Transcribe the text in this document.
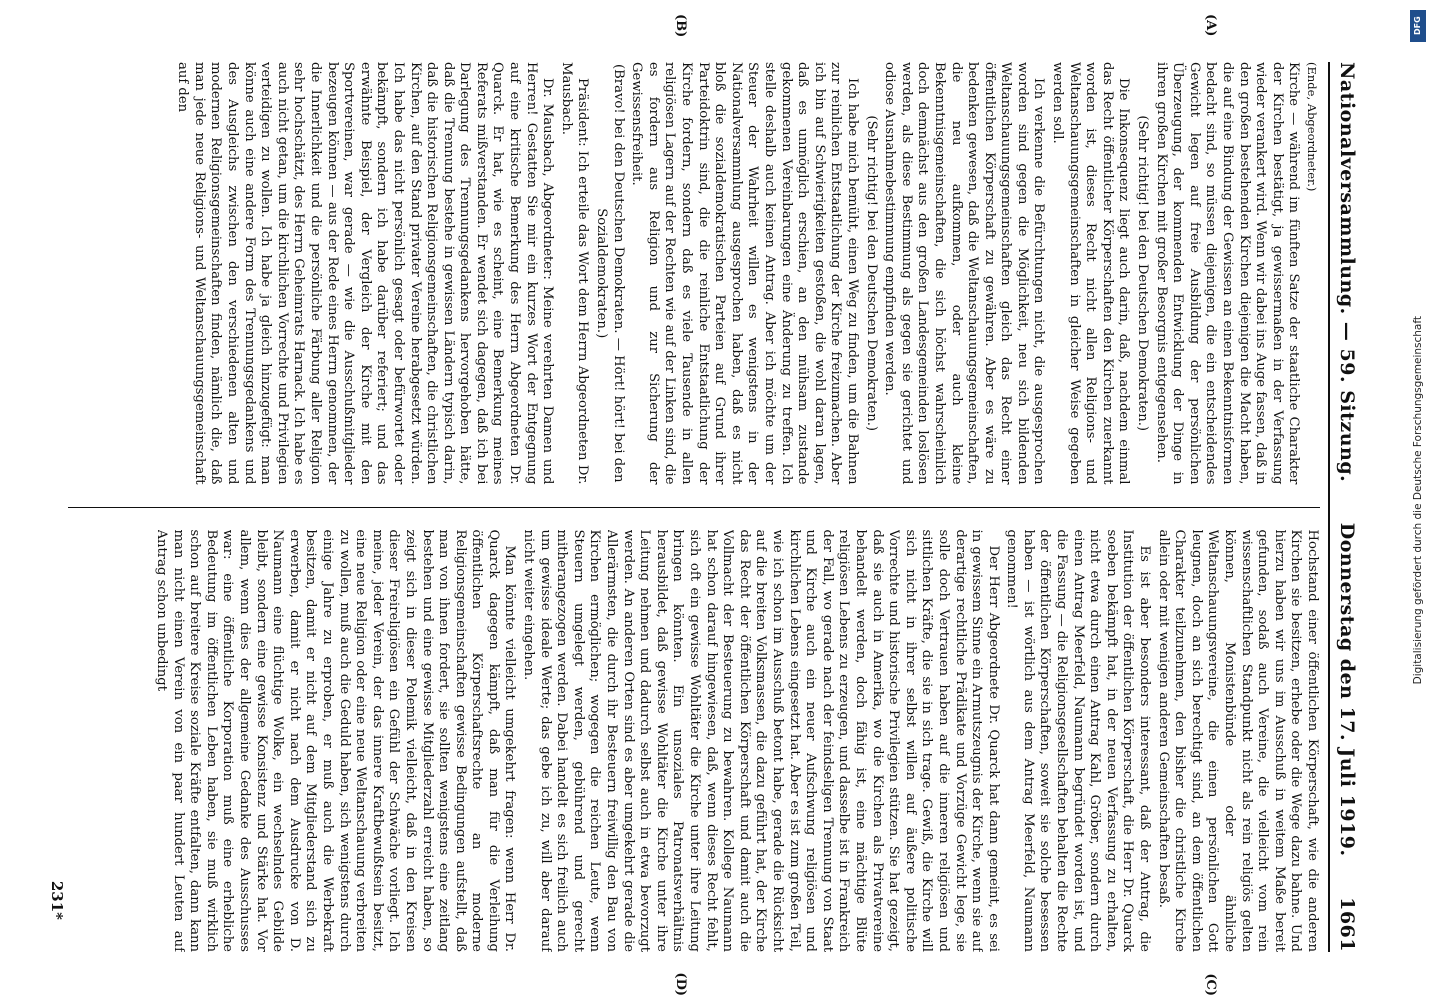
Nationalversammlung. — 59. Sitzung.
Donnerstag den 17. Juli 1919.
1661
(A)
(B)
(C)
(D)

(Ende, Abgeordneter.)

Kirche — während im fünften Satze der staatliche Charakter der Kirchen bestätigt, ja gewissermaßen in der Verfassung wieder verankert wird. Wenn wir dabei ins Auge fassen, daß in den großen bestehenden Kirchen diejenigen die Macht haben, die auf eine Bindung der Gewissen an einen Bekenntnisformen bedacht sind, so müssen diejenigen, die ein entscheidendes Gewicht legen auf freie Ausbildung der persönlichen Überzeugung, der kommenden Entwicklung der Dinge in ihren großen Kirchen mit großer Besorgnis entgegensehen.

(Sehr richtig! bei den Deutschen Demokraten.)

Die Inkonsequenz liegt auch darin, daß, nachdem einmal das Recht öffentlicher Körperschaften den Kirchen zuerkannt worden ist, dieses Recht nicht allen Religions- und Weltanschauungsgemeinschaften in gleicher Weise gegeben werden soll.

Ich verkenne die Befürchtungen nicht, die ausgesprochen worden sind gegen die Möglichkeit, neu sich bildenden Weltanschauungsgemeinschaften gleich das Recht einer öffentlichen Körperschaft zu gewähren. Aber es wäre zu bedenken gewesen, daß die Weltanschauungsgemeinschaften, die neu aufkommen, oder auch kleine Bekenntnisgemeinschaften, die sich höchst wahrscheinlich doch demnächst aus den großen Landesgemeinden loslösen werden, als diese Bestimmung als gegen sie gerichtet und odiose Ausnahmebestimmung empfinden werden.

(Sehr richtig! bei den Deutschen Demokraten.)

Ich habe mich bemüht, einen Weg zu finden, um die Bahnen zur reinlichen Entstaatlichung der Kirche freizumachen. Aber ich bin auf Schwierigkeiten gestoßen, die wohl daran lagen, daß es unmöglich erschien, an den mühsam zustande gekommenen Vereinbarungen eine Änderung zu treffen. Ich stelle deshalb auch keinen Antrag. Aber ich möchte um der Steuer der Wahrheit willen es wenigstens in der Nationalversammlung ausgesprochen haben, daß es nicht bloß die sozialdemokratischen Parteien auf Grund ihrer Parteidoktrin sind, die die reinliche Entstaatlichung der Kirche fordern, sondern daß es viele Tausende in allen religiösen Lagern auf der Rechten wie auf der Linken sind, die es fordern aus Religion und zur Sicherung der Gewissensfreiheit.

(Bravo! bei den Deutschen Demokraten. — Hört! hört! bei den Sozialdemokraten.)

Präsident: Ich erteile das Wort dem Herrn Abgeordneten Dr. Mausbach.

Dr. Mausbach, Abgeordneter: Meine verehrten Damen und Herren! Gestatten Sie mir ein kurzes Wort der Entgegnung auf eine kritische Bemerkung des Herrn Abgeordneten Dr. Quarck. Er hat, wie es scheint, eine Bemerkung meines Referats mißverstanden. Er wendet sich dagegen, daß ich bei Darlegung des Trennungsgedankens hervorgehoben hätte, daß die Trennung bestehe in gewissen Ländern typisch darin, daß die historischen Religionsgemeinschaften, die christlichen Kirchen, auf den Stand privater Vereine herabgesetzt würden. Ich habe das nicht persönlich gesagt oder befürwortet oder bekämpft, sondern ich habe darüber referiert; und das erwähnte Beispiel, der Vergleich der Kirche mit den Sportvereinen, war gerade — wie die Ausschußmitglieder bezeugen können — aus der Rede eines Herrn genommen, der die Innerlichkeit und die persönliche Färbung aller Religion sehr hochschätzt, des Herrn Geheimrats Harnack. Ich habe es auch nicht getan, um die kirchlichen Vorrechte und Privilegien verteidigen zu wollen. Ich habe ja gleich hinzugefügt: man könne auch eine andere Form des Trennungsgedankens und des Ausgleichs zwischen den verschiedenen alten und modernen Religionsgemeinschaften finden, nämlich die, daß man jede neue Religions- und Weltanschauungsgemeinschaft auf den

Hochstand einer öffentlichen Körperschaft, wie die anderen Kirchen sie besitzen, erhebe oder die Wege dazu bahne. Und hierzu haben wir uns im Ausschuß in weitem Maße bereit gefunden, sodaß auch Vereine, die vielleicht vom rein wissenschaftlichen Standpunkt nicht als rein religiös gelten können, Monistenbünde oder ähnliche Weltanschauungsvereine, die einen persönlichen Gott leugnen, doch an sich berechtigt sind, an dem öffentlichen Charakter teilzunehmen, den bisher die christliche Kirche allein oder mit wenigen anderen Gemeinschaften besaß.

Es ist aber besonders interessant, daß der Antrag, die Institution der öffentlichen Körperschaft, die Herr Dr. Quarck soeben bekämpft hat, in der neuen Verfassung zu erhalten, nicht etwa durch einen Antrag Kahl, Gröber, sondern durch einen Antrag Meerfeld, Naumann begründet worden ist, und die Fassung — die Religionsgesellschaften behalten die Rechte der öffentlichen Körperschaften, soweit sie solche besessen haben — ist wörtlich aus dem Antrag Meerfeld, Naumann genommen!

Der Herr Abgeordnete Dr. Quarck hat dann gemeint, es sei in gewissem Sinne ein Armutszeugnis der Kirche, wenn sie auf derartige rechtliche Prädikate und Vorzüge Gewicht lege, sie solle doch Vertrauen haben auf die inneren religiösen und sittlichen Kräfte, die sie in sich trage. Gewiß, die Kirche will sich nicht in ihrer selbst willen auf äußere politische Vorrechte und historische Privilegien stützen. Sie hat gezeigt, daß sie auch in Amerika, wo die Kirchen als Privatvereine behandelt werden, doch fähig ist, eine mächtige Blüte religiösen Lebens zu erzeugen, und dasselbe ist in Frankreich der Fall, wo gerade nach der feindseligen Trennung von Staat und Kirche auch ein neuer Aufschwung religiösen und kirchlichen Lebens eingesetzt hat. Aber es ist zum großen Teil, wie ich schon im Ausschuß betont habe, gerade die Rücksicht auf die breiten Volksmassen, die dazu geführt hat, der Kirche das Recht der öffentlichen Körperschaft und damit auch die Vollmacht der Besteuerung zu bewahren. Kollege Naumann hat schon darauf hingewiesen, daß, wenn dieses Recht fehlt, sich oft ein gewisse Wohltäter die Kirche unter ihre Leitung bringen könnten. Ein unsoziales Patronatsverhältnis herausbildet, daß gewisse Wohltäter die Kirche unter ihre Leitung nehmen und dadurch selbst auch in etwa bevorzugt werden. An anderen Orten sind es aber umgekehrt gerade die Allerärmsten, die durch ihr Besteuern freiwillig den Bau von Kirchen ermöglichen; wogegen die reichen Leute, wenn Steuern umgelegt werden, gebührend und gerecht mitherangezogen werden. Dabei handelt es sich freilich auch um gewisse ideale Werte; das gebe ich zu, will aber darauf nicht weiter eingehen.

Man könnte vielleicht umgekehrt fragen: wenn Herr Dr. Quarck dagegen kämpft, daß man für die Verleihung öffentlichen Körperschaftsrechte an moderne Religionsgemeinschaften gewisse Bedingungen aufstellt, daß man von ihnen fordert, sie sollten wenigstens eine zeitlang bestehen und eine gewisse Mitgliederzahl erreicht haben, so zeigt sich in dieser Polemik vielleicht, daß in den Kreisen dieser Freireligiösen ein Gefühl der Schwäche vorliegt. Ich meine, jeder Verein, der das innere Kraftbewußtsein besitzt, eine neue Religion oder eine neue Weltanschauung verbreiten zu wollen, muß auch die Geduld haben, sich wenigstens durch einige Jahre zu erproben, er muß auch die Werbekraft besitzen, damit er nicht auf dem Mitgliederstand sich zu erwerben, damit er nicht nach dem Ausdrucke von D. Naumann eine flüchtige Wolke, ein wechselndes Gebilde bleibt, sondern eine gewisse Konsistenz und Stärke hat. Vor allem, wenn dies der allgemeine Gedanke des Ausschusses war: eine öffentliche Korporation muß eine erhebliche Bedeutung im öffentlichen Leben haben, sie muß wirklich schon auf breitere Kreise soziale Kräfte entfalten, dann kann man nicht einen Verein von ein paar hundert Leuten auf Antrag schon unbedingt

231*
DFG
Digitalisierung gefördert durch die Deutsche Forschungsgemeinschaft
